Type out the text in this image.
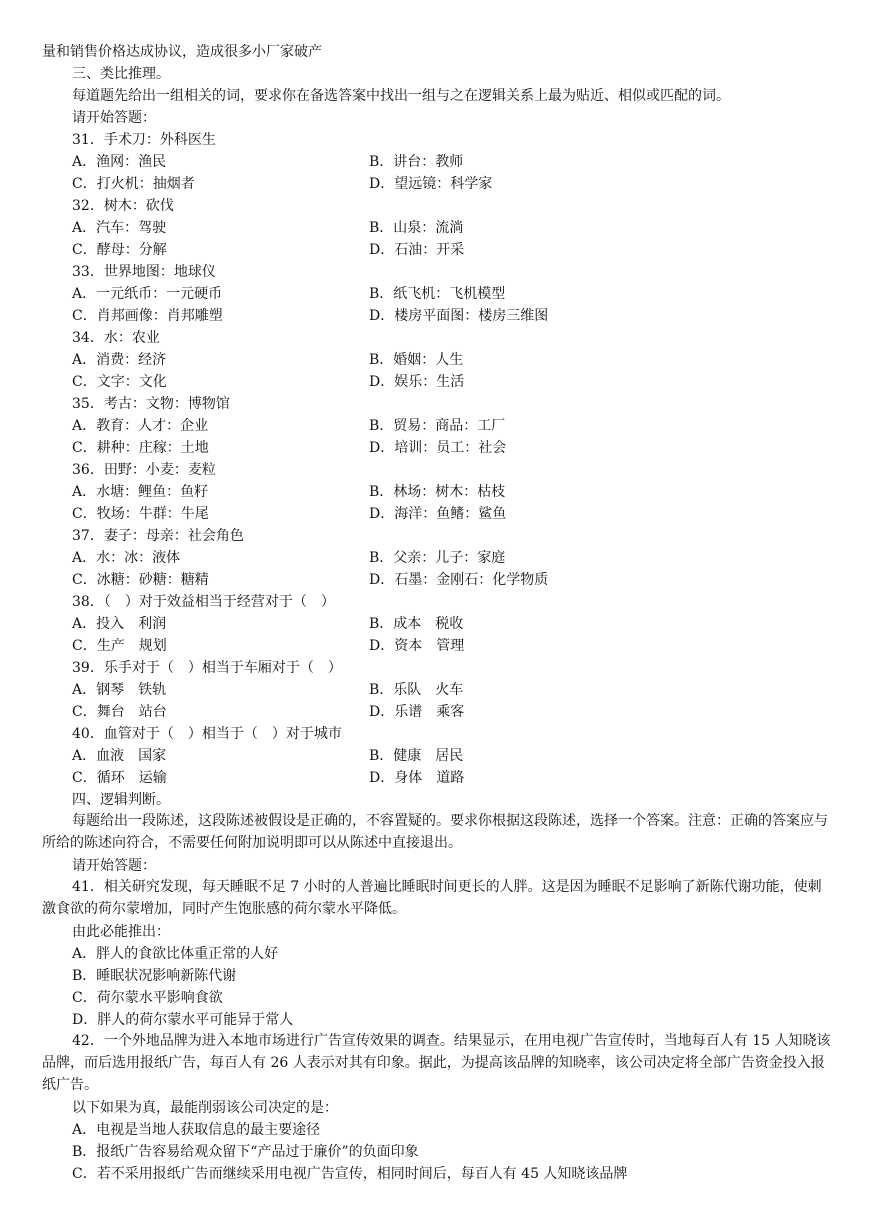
量和销售价格达成协议，造成很多小厂家破产
三、类比推理。
每道题先给出一组相关的词，要求你在备选答案中找出一组与之在逻辑关系上最为贴近、相似或匹配的词。
请开始答题：
31．手术刀：外科医生
A．渔网：渔民	B．讲台：教师
C．打火机：抽烟者	D．望远镜：科学家
32．树木：砍伐
A．汽车：驾驶	B．山泉：流淌
C．酵母：分解	D．石油：开采
33．世界地图：地球仪
A．一元纸币：一元硬币	B．纸飞机：飞机模型
C．肖邦画像：肖邦雕塑	D．楼房平面图：楼房三维图
34．水：农业
A．消费：经济	B．婚姻：人生
C．文字：文化	D．娱乐：生活
35．考古：文物：博物馆
A．教育：人才：企业	B．贸易：商品：工厂
C．耕种：庄稼：土地	D．培训：员工：社会
36．田野：小麦：麦粒
A．水塘：鲤鱼：鱼籽	B．林场：树木：枯枝
C．牧场：牛群：牛尾	D．海洋：鱼鳍：鲨鱼
37．妻子：母亲：社会角色
A．水：冰：液体	B．父亲：儿子：家庭
C．冰糖：砂糖：糖精	D．石墨：金刚石：化学物质
38．（　）对于效益相当于经营对于（　）
A．投入　利润	B．成本　税收
C．生产　规划	D．资本　管理
39．乐手对于（　）相当于车厢对于（　）
A．钢琴　铁轨	B．乐队　火车
C．舞台　站台	D．乐谱　乘客
40．血管对于（　）相当于（　）对于城市
A．血液　国家	B．健康　居民
C．循环　运输	D．身体　道路
四、逻辑判断。
每题给出一段陈述，这段陈述被假设是正确的，不容置疑的。要求你根据这段陈述，选择一个答案。注意：正确的答案应与所给的陈述向符合，不需要任何附加说明即可以从陈述中直接退出。
请开始答题：
41．相关研究发现，每天睡眠不足 7 小时的人普遍比睡眠时间更长的人胖。这是因为睡眠不足影响了新陈代谢功能，使刺激食欲的荷尔蒙增加，同时产生饱胀感的荷尔蒙水平降低。
由此必能推出：
A．胖人的食欲比体重正常的人好
B．睡眠状况影响新陈代谢
C．荷尔蒙水平影响食欲
D．胖人的荷尔蒙水平可能异于常人
42．一个外地品牌为进入本地市场进行广告宣传效果的调查。结果显示，在用电视广告宣传时，当地每百人有 15 人知晓该品牌，而后选用报纸广告，每百人有 26 人表示对其有印象。据此，为提高该品牌的知晓率，该公司决定将全部广告资金投入报纸广告。
以下如果为真，最能削弱该公司决定的是：
A．电视是当地人获取信息的最主要途径
B．报纸广告容易给观众留下“产品过于廉价”的负面印象
C．若不采用报纸广告而继续采用电视广告宣传，相同时间后，每百人有 45 人知晓该品牌
